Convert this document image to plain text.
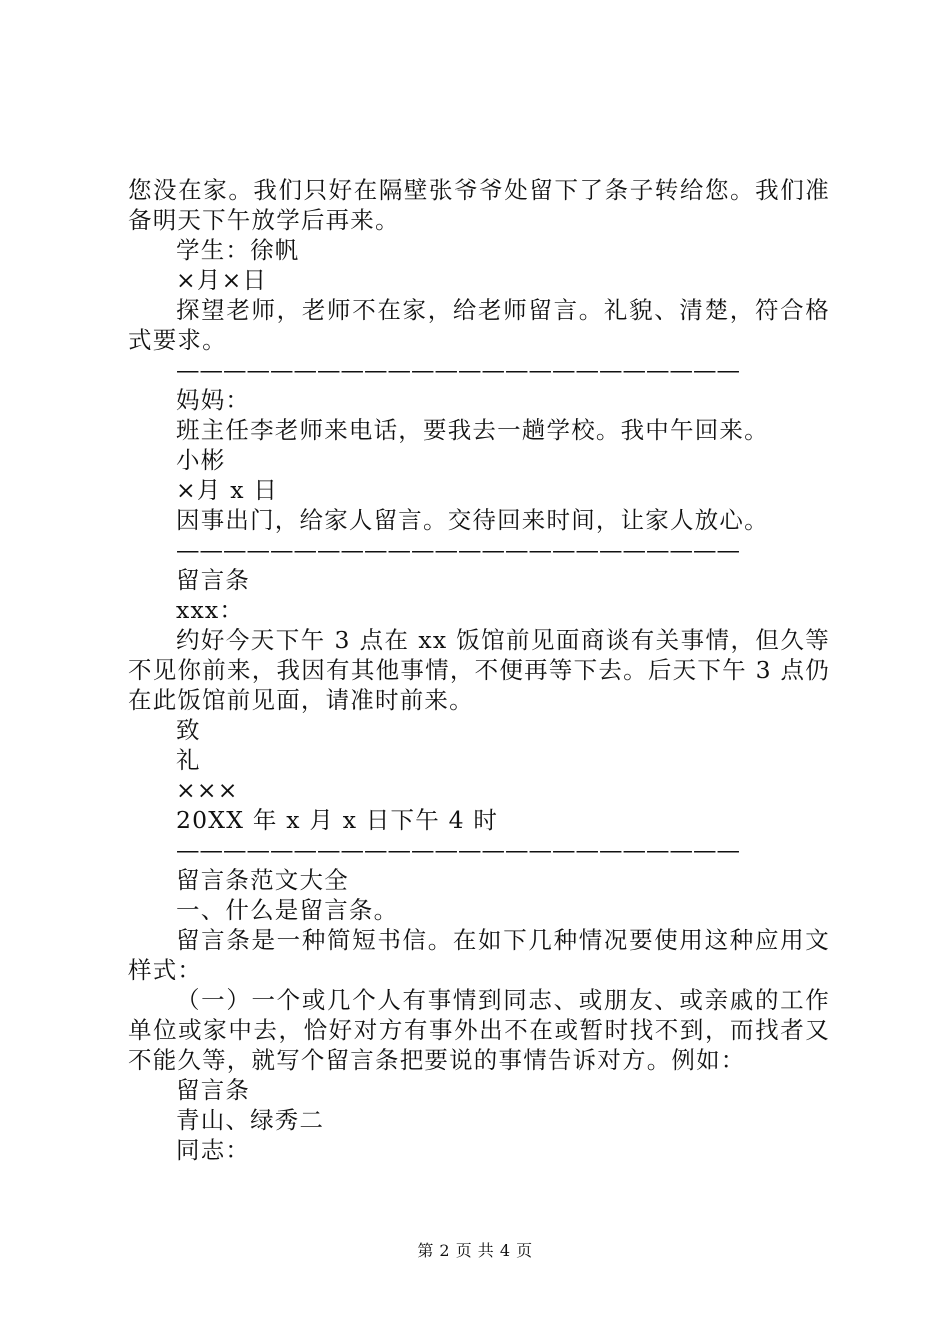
您没在家。我们只好在隔壁张爷爷处留下了条子转给您。我们准备明天下午放学后再来。
学生：徐帆
×月×日
探望老师，老师不在家，给老师留言。礼貌、清楚，符合格式要求。
————————————————————————
妈妈：
班主任李老师来电话，要我去一趟学校。我中午回来。
小彬
×月 x 日
因事出门，给家人留言。交待回来时间，让家人放心。
————————————————————————
留言条
xxx：
约好今天下午 3 点在 xx 饭馆前见面商谈有关事情，但久等不见你前来，我因有其他事情，不便再等下去。后天下午 3 点仍在此饭馆前见面，请准时前来。
致
礼
×××
20XX 年 x 月 x 日下午 4 时
————————————————————————
留言条范文大全
一、什么是留言条。
留言条是一种简短书信。在如下几种情况要使用这种应用文样式：
（一）一个或几个人有事情到同志、或朋友、或亲戚的工作单位或家中去，恰好对方有事外出不在或暂时找不到，而找者又不能久等，就写个留言条把要说的事情告诉对方。例如：
留言条
青山、绿秀二
同志：
第 2 页 共 4 页
